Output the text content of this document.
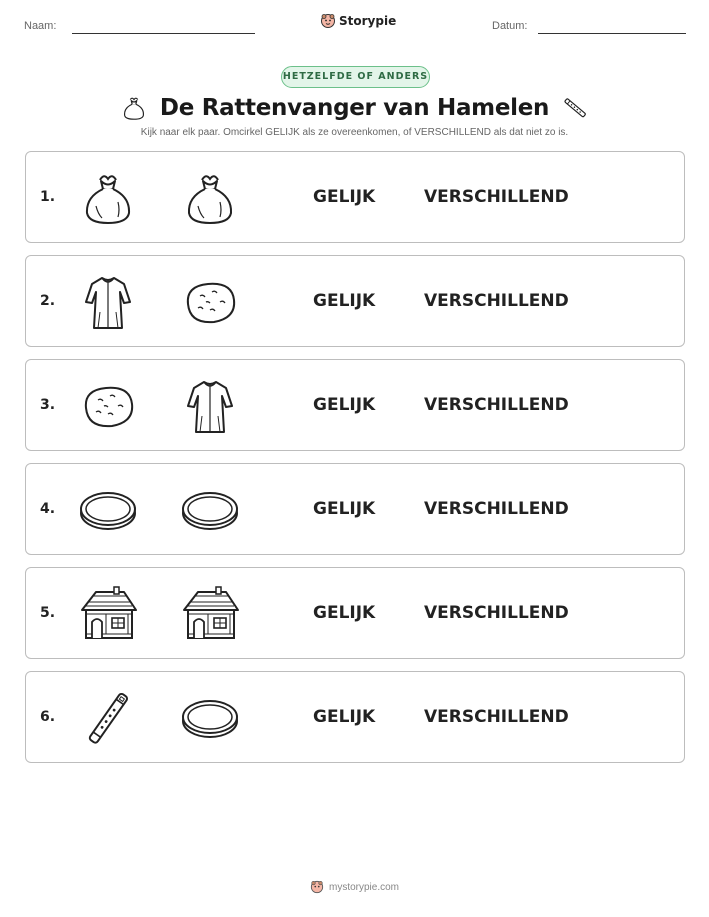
Naam:	Storypie	Datum:
HETZELFDE OF ANDERS
De Rattenvanger van Hamelen
Kijk naar elk paar. Omcirkel GELIJK als ze overeenkomen, of VERSCHILLEND als dat niet zo is.
1.	GELIJK	VERSCHILLEND
2.	GELIJK	VERSCHILLEND
3.	GELIJK	VERSCHILLEND
4.	GELIJK	VERSCHILLEND
5.	GELIJK	VERSCHILLEND
6.	GELIJK	VERSCHILLEND
mystorypie.com
